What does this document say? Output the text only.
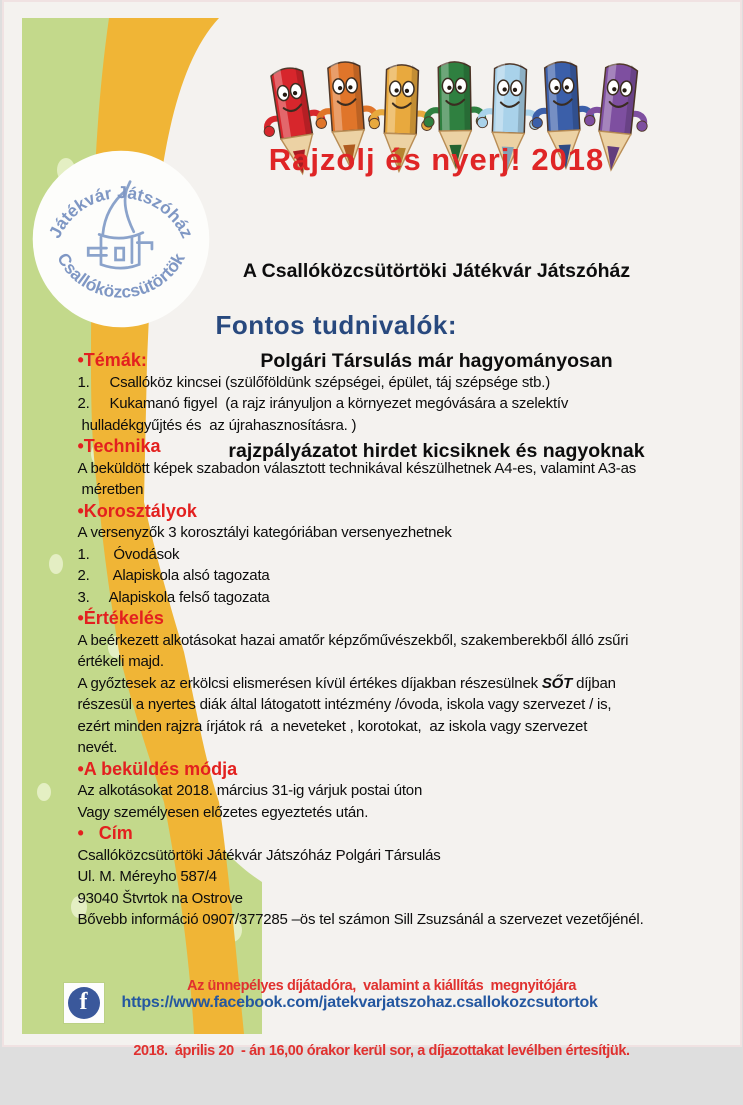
Játékvár Játszóház
Csallóközcsütörtök
Rajzolj és nyerj! 2018

A Csallóközcsütörtöki Játékvár Játszóház

Polgári Társulás már hagyományosan

rajzpályázatot hirdet kicsiknek és nagyoknak

Fontos tudnivalók:
•Témák:
1.     Csallóköz kincsei (szülőföldünk szépségei, épület, táj szépsége stb.)
2.     Kukamanó figyel  (a rajz irányuljon a környezet megóvására a szelektív
hulladékgyűjtés és  az újrahasznosításra. )
•Technika
A beküldött képek szabadon választott technikával készülhetnek A4-es, valamint A3-as
méretben
•Korosztályok
A versenyzők 3 korosztályi kategóriában versenyezhetnek
1.      Óvodások
2.      Alapiskola alsó tagozata
3.     Alapiskola felső tagozata
•Értékelés
A beérkezett alkotásokat hazai amatőr képzőművészekből, szakemberekből álló zsűri
értékeli majd.
A győztesek az erkölcsi elismerésen kívül értékes díjakban részesülnek SŐT díjban
részesül a nyertes diák által látogatott intézmény /óvoda, iskola vagy szervezet / is,
ezért minden rajzra írjátok rá  a neveteket , korotokat,  az iskola vagy szervezet
nevét.
•A beküldés módja
Az alkotásokat 2018. március 31-ig várjuk postai úton
Vagy személyesen előzetes egyeztetés után.
•   Cím
Csallóközcsütörtöki Játékvár Játszóház Polgári Társulás
Ul. M. Méreyho 587/4
93040 Štvrtok na Ostrove
Bővebb információ 0907/377285 –ös tel számon Sill Zsuzsánál a szervezet vezetőjénél.

Az ünnepélyes díjátadóra,  valamint a kiállítás  megnyitójára

2018.  április 20  - án 16,00 órakor kerül sor, a díjazottakat levélben értesítjük.

f https://www.facebook.com/jatekvarjatszohaz.csallokozcsutortok
